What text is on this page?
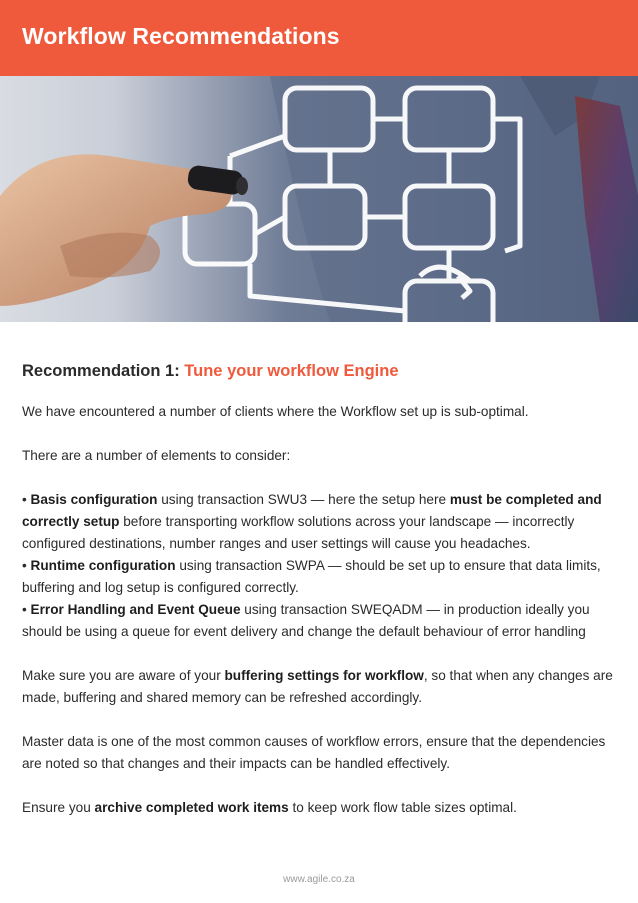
Workflow Recommendations
Recommendation 1: Tune your workflow Engine

We have encountered a number of clients where the Workflow set up is sub-optimal.

There are a number of elements to consider:

• Basis configuration using transaction SWU3 — here the setup here must be completed and correctly setup before transporting workflow solutions across your landscape — incorrectly configured destinations, number ranges and user settings will cause you headaches.

• Runtime configuration using transaction SWPA — should be set up to ensure that data limits, buffering and log setup is configured correctly.

• Error Handling and Event Queue using transaction SWEQADM — in production ideally you should be using a queue for event delivery and change the default behaviour of error handling

Make sure you are aware of your buffering settings for workflow, so that when any changes are made, buffering and shared memory can be refreshed accordingly.

Master data is one of the most common causes of workflow errors, ensure that the dependencies are noted so that changes and their impacts can be handled effectively.

Ensure you archive completed work items to keep work flow table sizes optimal.

www.agile.co.za
